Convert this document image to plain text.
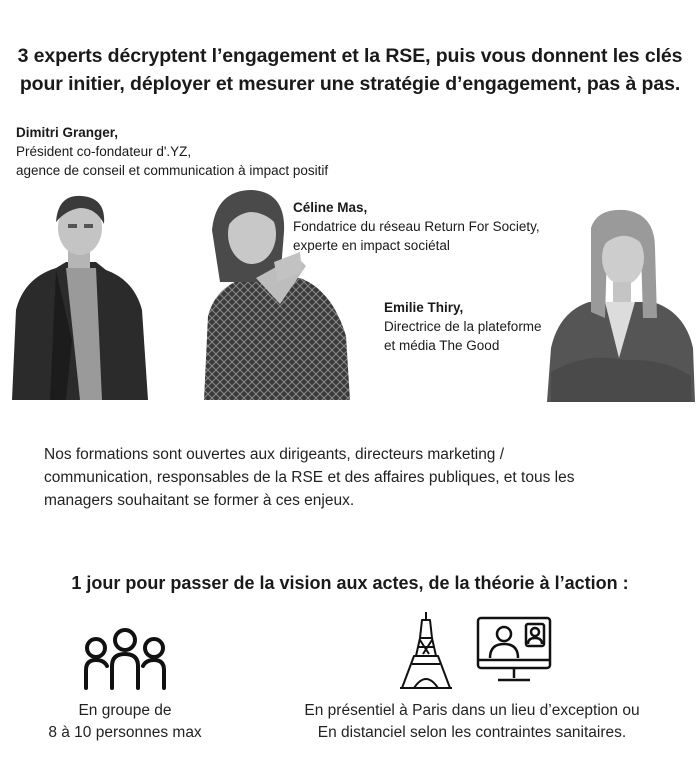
3 experts décryptent l’engagement et la RSE, puis vous donnent les clés
pour initier, déployer et mesurer une stratégie d’engagement, pas à pas.
Dimitri Granger,
Président co-fondateur d'.YZ,
agence de conseil et communication à impact positif
Céline Mas,
Fondatrice du réseau Return For Society,
experte en impact sociétal
Emilie Thiry,
Directrice de la plateforme
et média The Good
Nos formations sont ouvertes aux dirigeants, directeurs marketing /
communication, responsables de la RSE et des affaires publiques, et tous les
managers souhaitant se former à ces enjeux.
1 jour pour passer de la vision aux actes, de la théorie à l’action :
En groupe de
8 à 10 personnes max
En présentiel à Paris dans un lieu d’exception ou
En distanciel selon les contraintes sanitaires.
